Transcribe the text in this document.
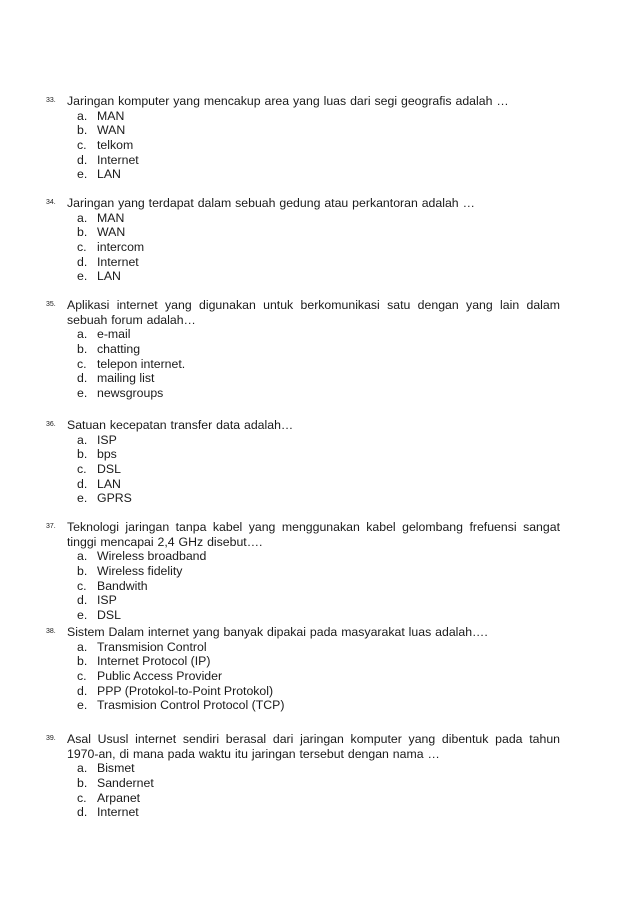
33. Jaringan komputer yang mencakup area yang luas dari segi geografis adalah …
a. MAN
b. WAN
c. telkom
d. Internet
e. LAN
34. Jaringan yang terdapat dalam sebuah gedung atau perkantoran adalah …
a. MAN
b. WAN
c. intercom
d. Internet
e. LAN
35. Aplikasi internet yang digunakan untuk berkomunikasi satu dengan yang lain dalam sebuah forum adalah…
a. e-mail
b. chatting
c. telepon internet.
d. mailing list
e. newsgroups
36. Satuan kecepatan transfer data adalah…
a. ISP
b. bps
c. DSL
d. LAN
e. GPRS
37. Teknologi jaringan tanpa kabel yang menggunakan kabel gelombang frefuensi sangat tinggi mencapai 2,4 GHz disebut….
a. Wireless broadband
b. Wireless fidelity
c. Bandwith
d. ISP
e. DSL
38. Sistem Dalam internet yang banyak dipakai pada masyarakat luas adalah….
a. Transmision Control
b. Internet Protocol (IP)
c. Public Access Provider
d. PPP (Protokol-to-Point Protokol)
e. Trasmision Control Protocol (TCP)
39. Asal Ususl internet sendiri berasal dari jaringan komputer yang dibentuk pada tahun 1970-an, di mana pada waktu itu jaringan tersebut dengan nama …
a. Bismet
b. Sandernet
c. Arpanet
d. Internet
